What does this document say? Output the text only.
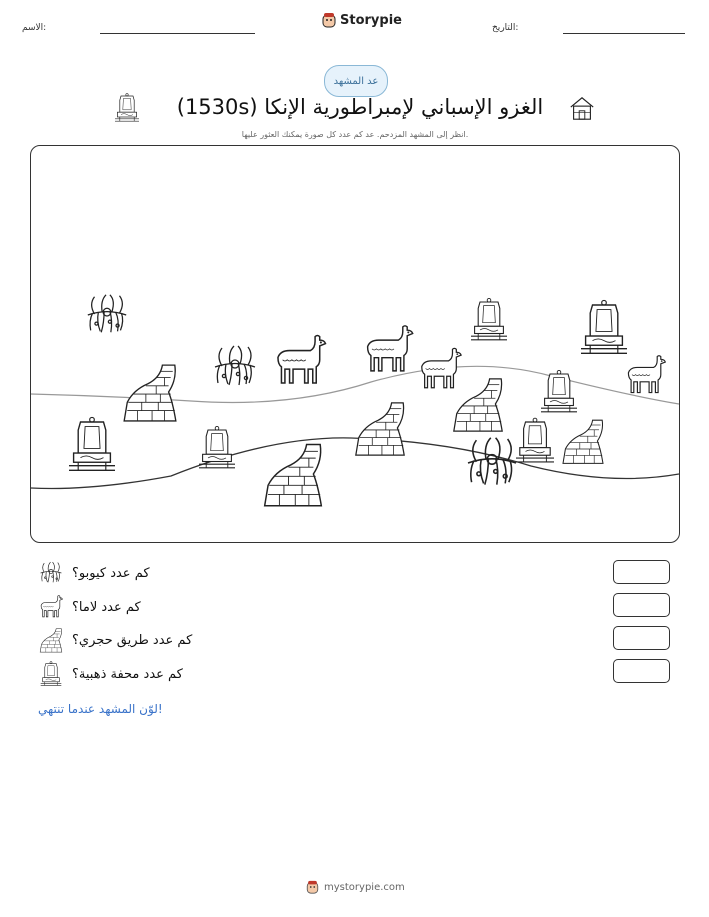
الاسم:
Storypie
التاريخ:
عد المشهد
الغزو الإسباني لإمبراطورية الإنكا (1530s)
انظر إلى المشهد المزدحم. عد كم عدد كل صورة يمكنك العثور عليها.
كم عدد كيوبو؟
كم عدد لاما؟
كم عدد طريق حجري؟
كم عدد محفة ذهبية؟
لوّن المشهد عندما تنتهي!
mystorypie.com
